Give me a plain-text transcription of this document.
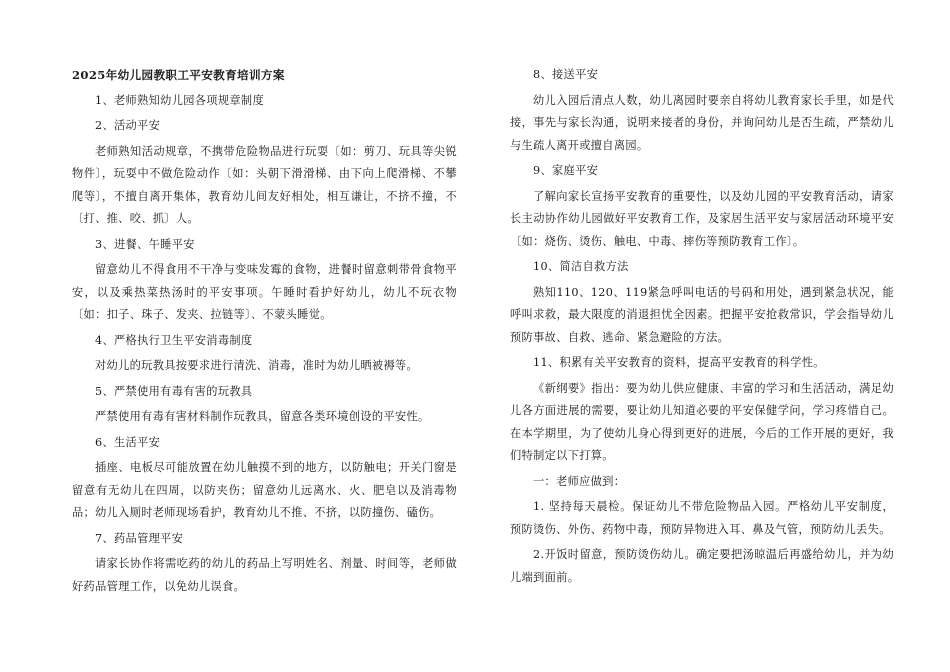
2025年幼儿园教职工平安教育培训方案
1、老师熟知幼儿园各项规章制度
2、活动平安
老师熟知活动规章，不携带危险物品进行玩耍〔如：剪刀、玩具等尖锐物件〕，玩耍中不做危险动作〔如：头朝下滑滑梯、由下向上爬滑梯、不攀爬等〕，不擅自离开集体，教育幼儿间友好相处，相互谦让，不挤不撞，不〔打、推、咬、抓〕人。
3、进餐、午睡平安
留意幼儿不得食用不干净与变味发霉的食物，进餐时留意刺带骨食物平安，以及乘热菜热汤时的平安事项。午睡时看护好幼儿，幼儿不玩衣物〔如：扣子、珠子、发夹、拉链等〕、不蒙头睡觉。
4、严格执行卫生平安消毒制度
对幼儿的玩教具按要求进行清洗、消毒，准时为幼儿晒被褥等。
5、严禁使用有毒有害的玩教具
严禁使用有毒有害材料制作玩教具，留意各类环境创设的平安性。
6、生活平安
插座、电板尽可能放置在幼儿触摸不到的地方，以防触电；开关门窗是留意有无幼儿在四周，以防夹伤；留意幼儿远离水、火、肥皂以及消毒物品；幼儿入厕时老师现场看护，教育幼儿不推、不挤，以防撞伤、磕伤。
7、药品管理平安
请家长协作将需吃药的幼儿的药品上写明姓名、剂量、时间等，老师做好药品管理工作，以免幼儿误食。
8、接送平安
幼儿入园后清点人数，幼儿离园时要亲自将幼儿教育家长手里，如是代接，事先与家长沟通，说明来接者的身份，并询问幼儿是否生疏，严禁幼儿与生疏人离开或擅自离园。
9、家庭平安
了解向家长宣扬平安教育的重要性，以及幼儿园的平安教育活动，请家长主动协作幼儿园做好平安教育工作，及家居生活平安与家居活动环境平安〔如：烧伤、烫伤、触电、中毒、摔伤等预防教育工作〕。
10、简洁自救方法
熟知110、120、119紧急呼叫电话的号码和用处，遇到紧急状况，能呼叫求救，最大限度的消退担忧全因素。把握平安抢救常识，学会指导幼儿预防事故、自救、逃命、紧急避险的方法。
11、积累有关平安教育的资料，提高平安教育的科学性。
《新纲要》指出：要为幼儿供应健康、丰富的学习和生活活动，满足幼儿各方面进展的需要，要让幼儿知道必要的平安保健学问，学习疼惜自己。在本学期里，为了使幼儿身心得到更好的进展，今后的工作开展的更好，我们特制定以下打算。
一：老师应做到：
1. 坚持每天晨检。保证幼儿不带危险物品入园。严格幼儿平安制度，预防烫伤、外伤、药物中毒，预防异物进入耳、鼻及气管，预防幼儿丢失。
2.开饭时留意，预防烫伤幼儿。确定要把汤晾温后再盛给幼儿，并为幼儿端到面前。
